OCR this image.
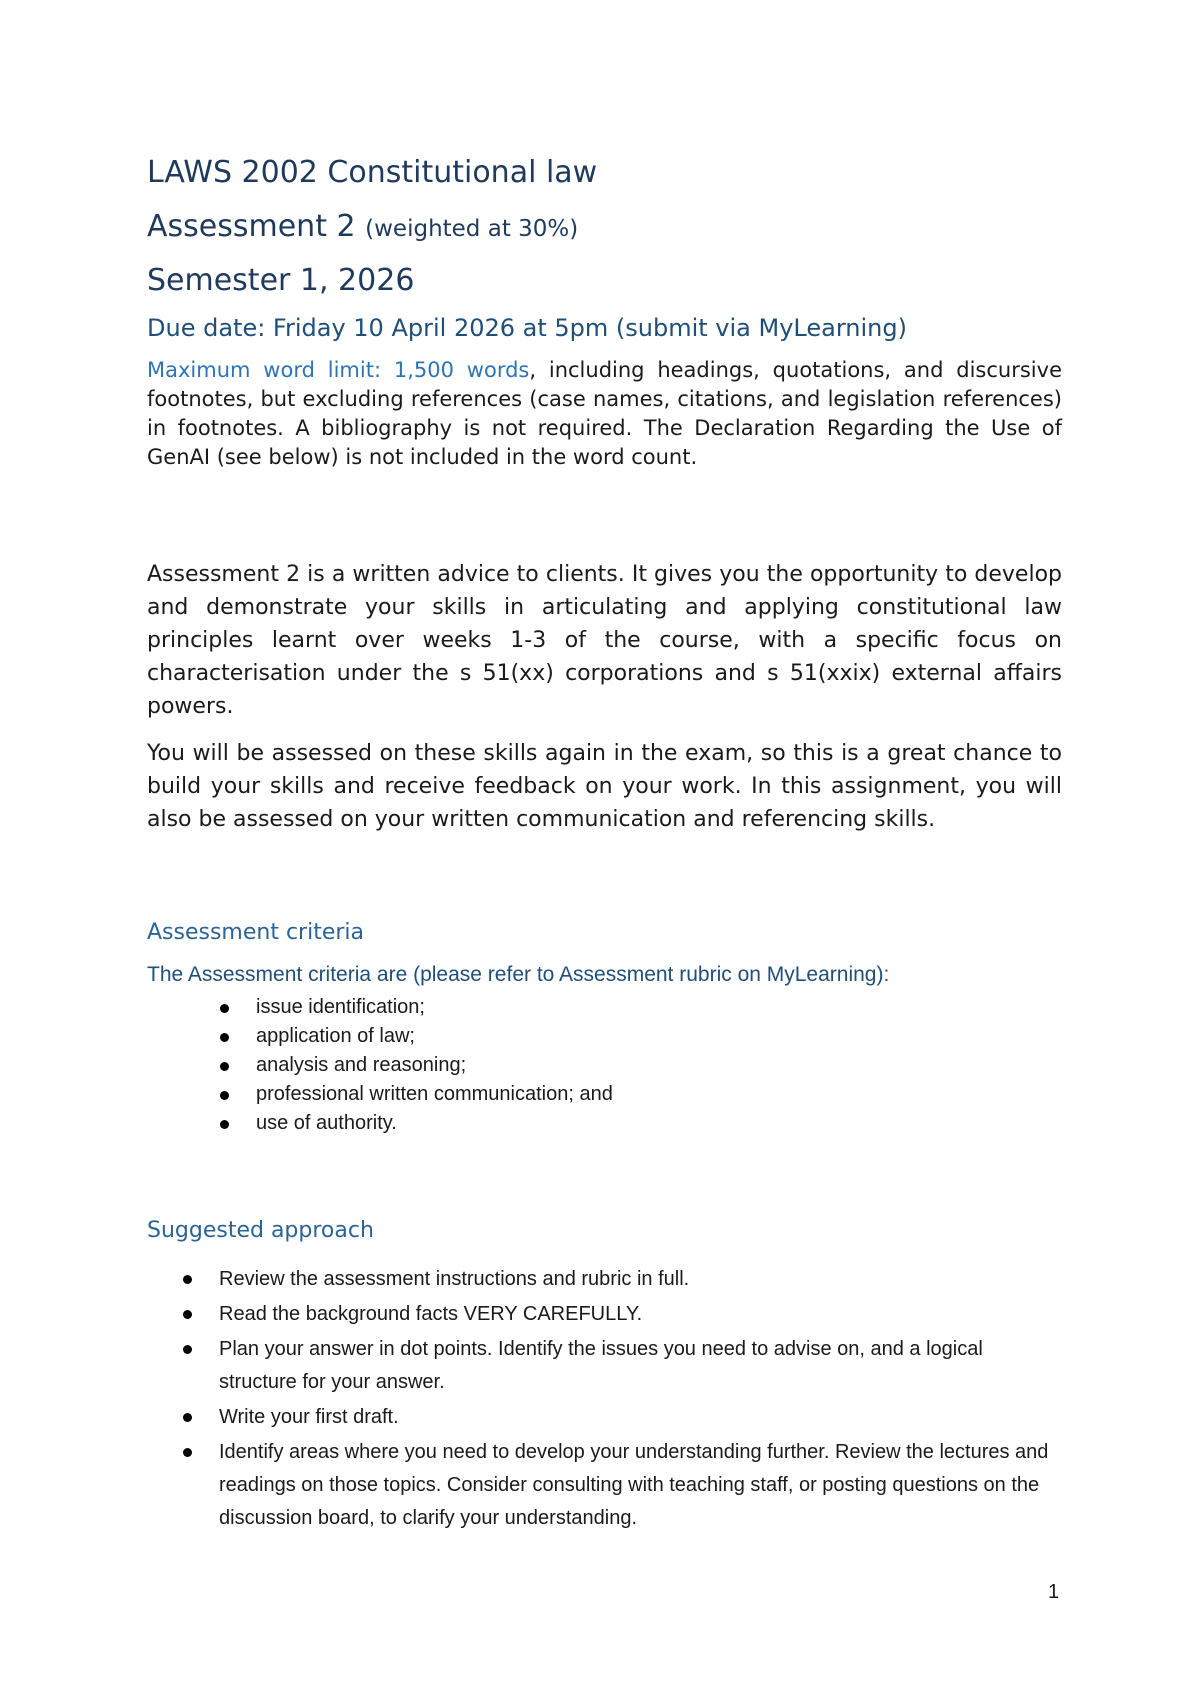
LAWS 2002 Constitutional law
Assessment 2 (weighted at 30%)
Semester 1, 2026
Due date: Friday 10 April 2026 at 5pm (submit via MyLearning)

Maximum word limit: 1,500 words, including headings, quotations, and discursive footnotes, but excluding references (case names, citations, and legislation references) in footnotes. A bibliography is not required. The Declaration Regarding the Use of GenAI (see below) is not included in the word count.

Assessment 2 is a written advice to clients. It gives you the opportunity to develop and demonstrate your skills in articulating and applying constitutional law principles learnt over weeks 1-3 of the course, with a specific focus on characterisation under the s 51(xx) corporations and s 51(xxix) external affairs powers.

You will be assessed on these skills again in the exam, so this is a great chance to build your skills and receive feedback on your work. In this assignment, you will also be assessed on your written communication and referencing skills.

Assessment criteria

The Assessment criteria are (please refer to Assessment rubric on MyLearning):

issue identification;
application of law;
analysis and reasoning;
professional written communication; and
use of authority.
Suggested approach
Review the assessment instructions and rubric in full.
Read the background facts VERY CAREFULLY.
Plan your answer in dot points. Identify the issues you need to advise on, and a logical structure for your answer.
Write your first draft.
Identify areas where you need to develop your understanding further. Review the lectures and readings on those topics. Consider consulting with teaching staff, or posting questions on the discussion board, to clarify your understanding.
1
